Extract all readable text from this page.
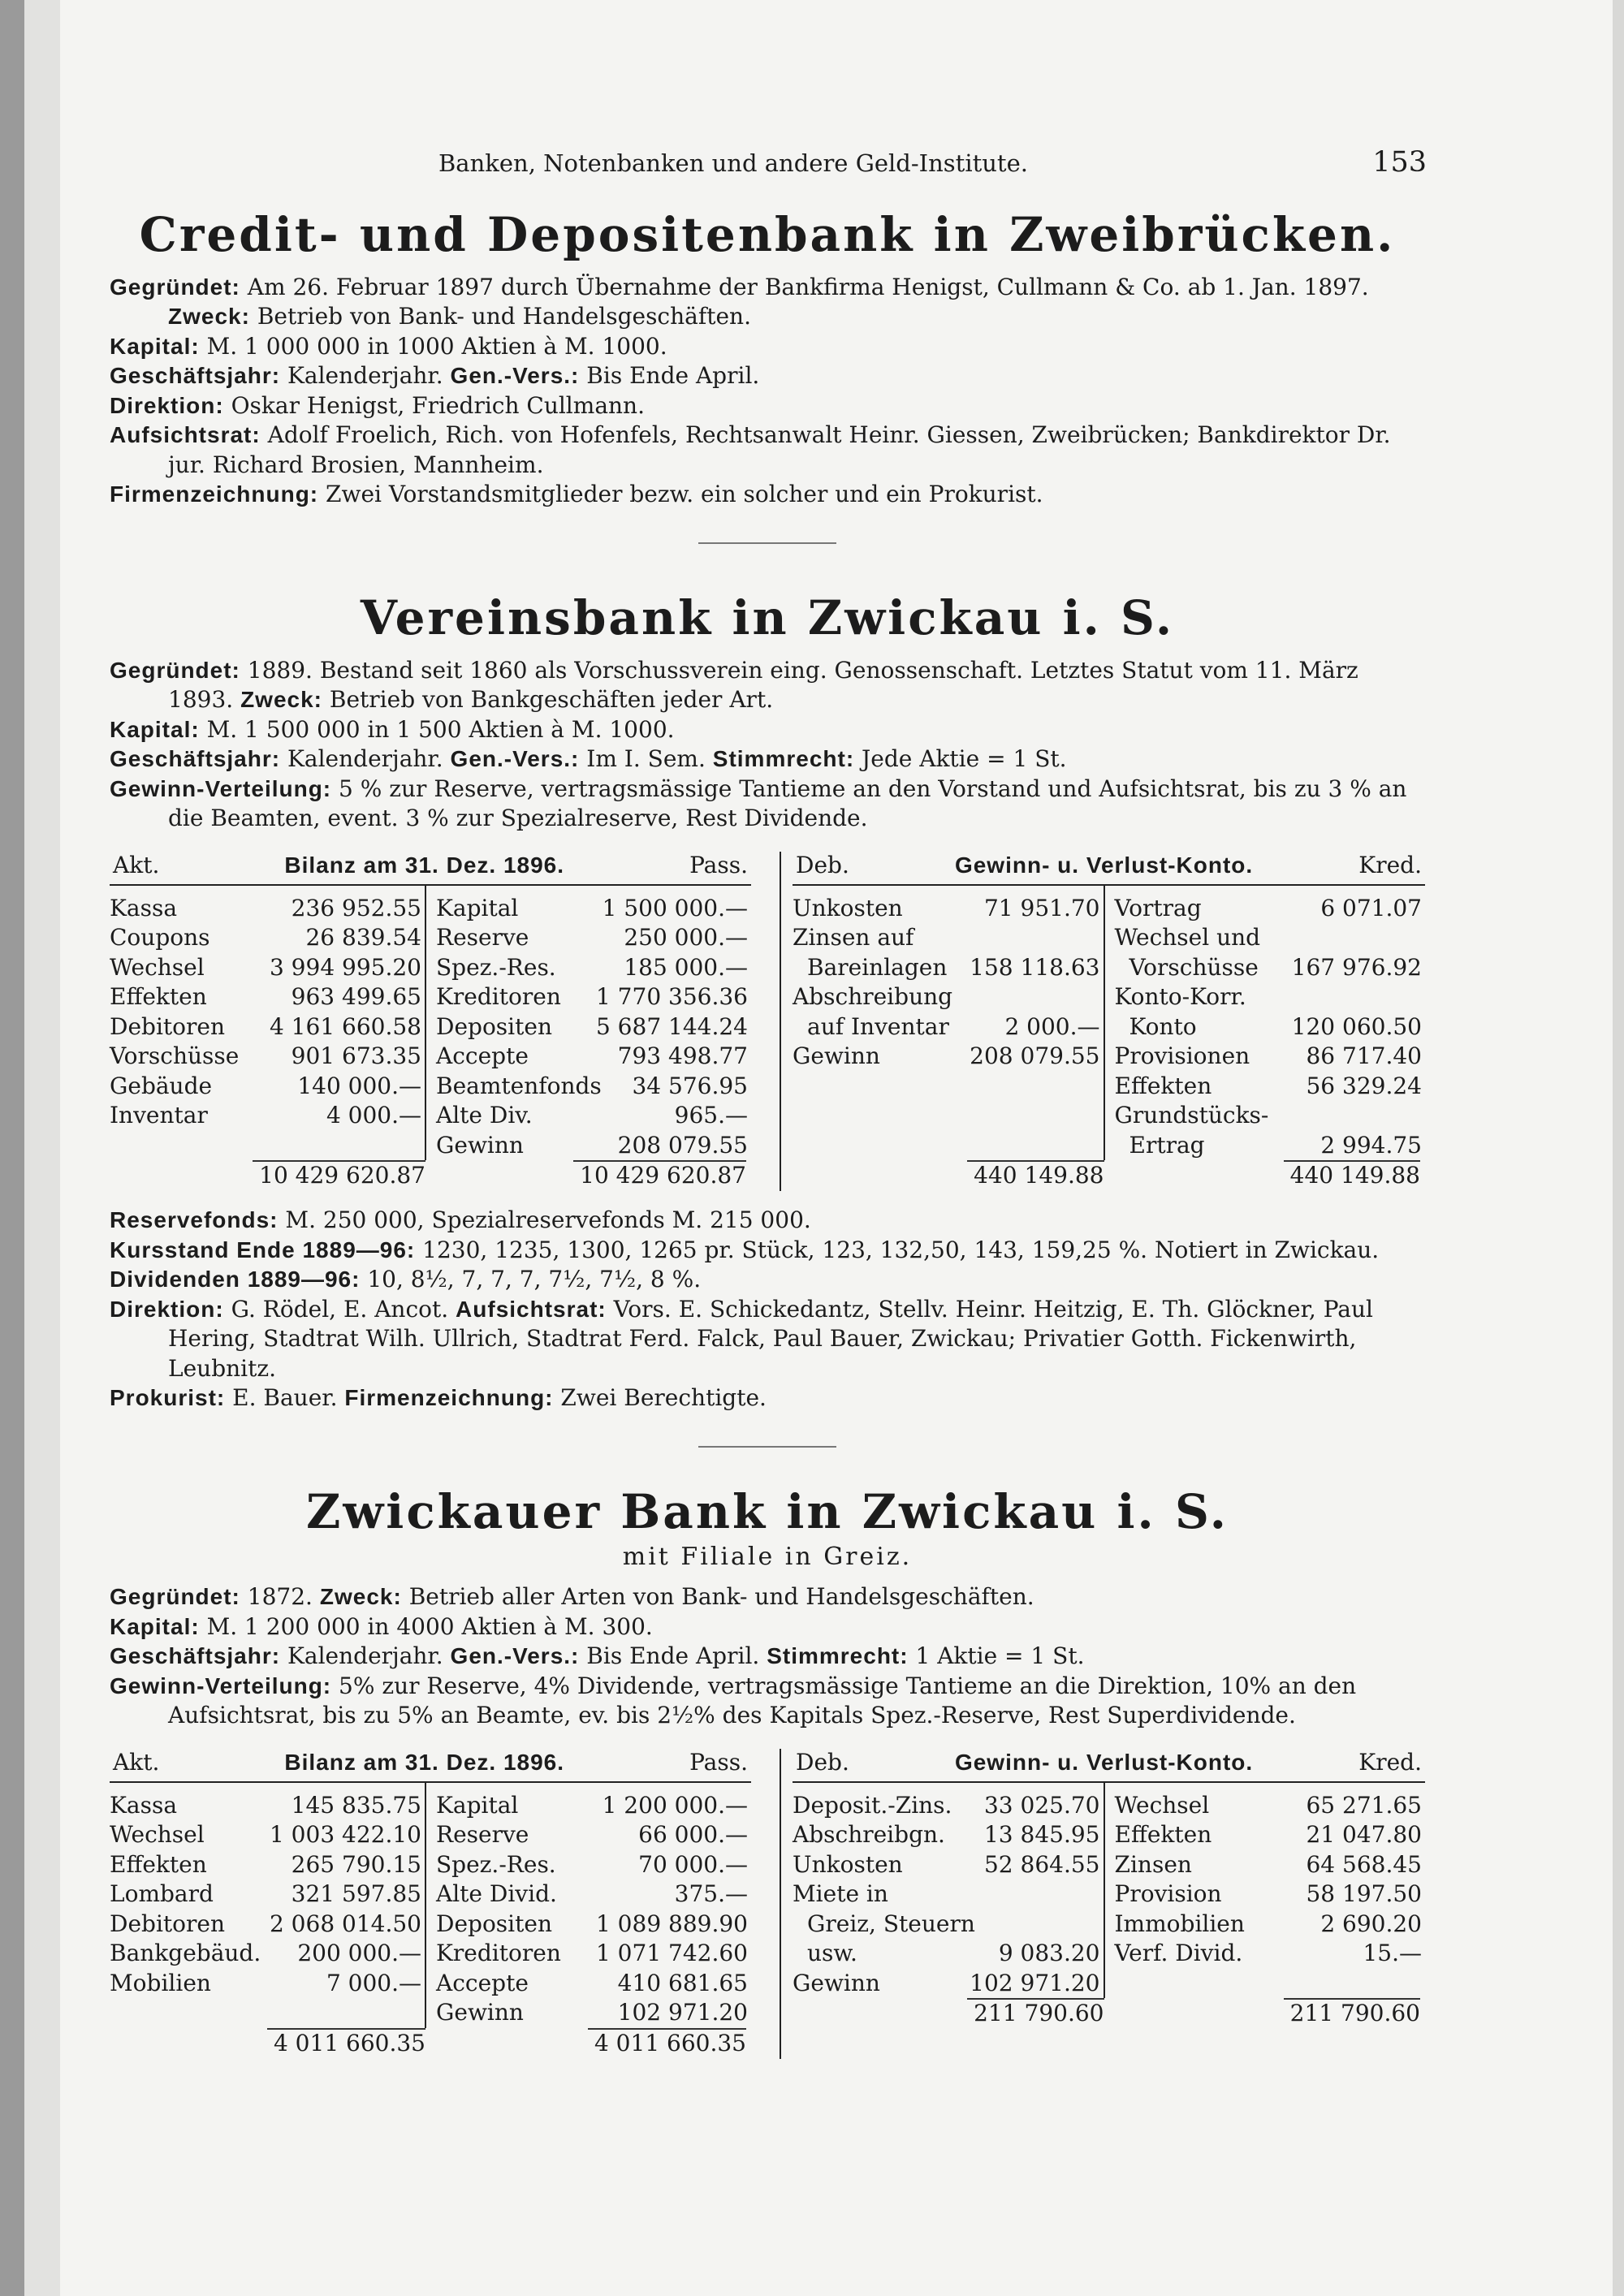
Banken, Notenbanken und andere Geld-Institute.	153
Credit- und Depositenbank in Zweibrücken.

Gegründet: Am 26. Februar 1897 durch Übernahme der Bankfirma Henigst, Cullmann & Co. ab 1. Jan. 1897. Zweck: Betrieb von Bank- und Handelsgeschäften.

Kapital: M. 1 000 000 in 1000 Aktien à M. 1000.

Geschäftsjahr: Kalenderjahr. Gen.-Vers.: Bis Ende April.

Direktion: Oskar Henigst, Friedrich Cullmann.

Aufsichtsrat: Adolf Froelich, Rich. von Hofenfels, Rechtsanwalt Heinr. Giessen, Zweibrücken; Bankdirektor Dr. jur. Richard Brosien, Mannheim.

Firmenzeichnung: Zwei Vorstandsmitglieder bezw. ein solcher und ein Prokurist.

Vereinsbank in Zwickau i. S.

Gegründet: 1889. Bestand seit 1860 als Vorschussverein eing. Genossenschaft. Letztes Statut vom 11. März 1893. Zweck: Betrieb von Bankgeschäften jeder Art.

Kapital: M. 1 500 000 in 1 500 Aktien à M. 1000.

Geschäftsjahr: Kalenderjahr. Gen.-Vers.: Im I. Sem. Stimmrecht: Jede Aktie = 1 St.

Gewinn-Verteilung: 5 % zur Reserve, vertragsmässige Tantieme an den Vorstand und Aufsichtsrat, bis zu 3 % an die Beamten, event. 3 % zur Spezialreserve, Rest Dividende.

Akt.	Bilanz am 31. Dez. 1896.	Pass.
Kassa	236 952.55
Coupons	26 839.54
Wechsel	3 994 995.20
Effekten	963 499.65
Debitoren 4 161 660.58
Vorschüsse 901 673.35
Gebäude	140 000.—
Inventar	4 000.—
Kapital	1 500 000.—
Reserve	250 000.—
Spez.-Res.	185 000.—
Kreditoren 1 770 356.36
Depositen 5 687 144.24
Accepte	793 498.77
Beamtenfonds 34 576.95
Alte Div.	965.—
Gewinn	208 079.55
10 429 620.87	10 429 620.87
Deb.	Gewinn- u. Verlust-Konto.	Kred.
Unkosten	71 951.70
Zinsen auf
Bareinlagen 158 118.63
Abschreibung
auf Inventar 2 000.—
Gewinn	208 079.55
Vortrag	6 071.07
Wechsel und
Vorschüsse 167 976.92
Konto-Korr.
Konto	120 060.50
Provisionen 86 717.40
Effekten	56 329.24
Grundstücks-
Ertrag	2 994.75
440 149.88	440 149.88

Reservefonds: M. 250 000, Spezialreservefonds M. 215 000.

Kursstand Ende 1889—96: 1230, 1235, 1300, 1265 pr. Stück, 123, 132,50, 143, 159,25 %. Notiert in Zwickau.

Dividenden 1889—96: 10, 8½, 7, 7, 7, 7½, 7½, 8 %.

Direktion: G. Rödel, E. Ancot. Aufsichtsrat: Vors. E. Schickedantz, Stellv. Heinr. Heitzig, E. Th. Glöckner, Paul Hering, Stadtrat Wilh. Ullrich, Stadtrat Ferd. Falck, Paul Bauer, Zwickau; Privatier Gotth. Fickenwirth, Leubnitz.

Prokurist: E. Bauer. Firmenzeichnung: Zwei Berechtigte.

Zwickauer Bank in Zwickau i. S.
mit Filiale in Greiz.

Gegründet: 1872. Zweck: Betrieb aller Arten von Bank- und Handelsgeschäften.

Kapital: M. 1 200 000 in 4000 Aktien à M. 300.

Geschäftsjahr: Kalenderjahr. Gen.-Vers.: Bis Ende April. Stimmrecht: 1 Aktie = 1 St.

Gewinn-Verteilung: 5% zur Reserve, 4% Dividende, vertragsmässige Tantieme an die Direktion, 10% an den Aufsichtsrat, bis zu 5% an Beamte, ev. bis 2½% des Kapitals Spez.-Reserve, Rest Superdividende.

Akt.	Bilanz am 31. Dez. 1896.	Pass.
Kassa	145 835.75
Wechsel	1 003 422.10
Effekten	265 790.15
Lombard	321 597.85
Debitoren 2 068 014.50
Bankgebäud. 200 000.—
Mobilien	7 000.—
Kapital	1 200 000.—
Reserve	66 000.—
Spez.-Res.	70 000.—
Alte Divid.	375.—
Depositen 1 089 889.90
Kreditoren 1 071 742.60
Accepte	410 681.65
Gewinn	102 971.20
4 011 660.35	4 011 660.35
Deb.	Gewinn- u. Verlust-Konto.	Kred.
Deposit.-Zins. 33 025.70
Abschreibgn. 13 845.95
Unkosten	52 864.55
Miete in
Greiz, Steuern
usw.	9 083.20
Gewinn	102 971.20
Wechsel	65 271.65
Effekten	21 047.80
Zinsen	64 568.45
Provision	58 197.50
Immobilien	2 690.20
Verf. Divid.	15.—
211 790.60	211 790.60
